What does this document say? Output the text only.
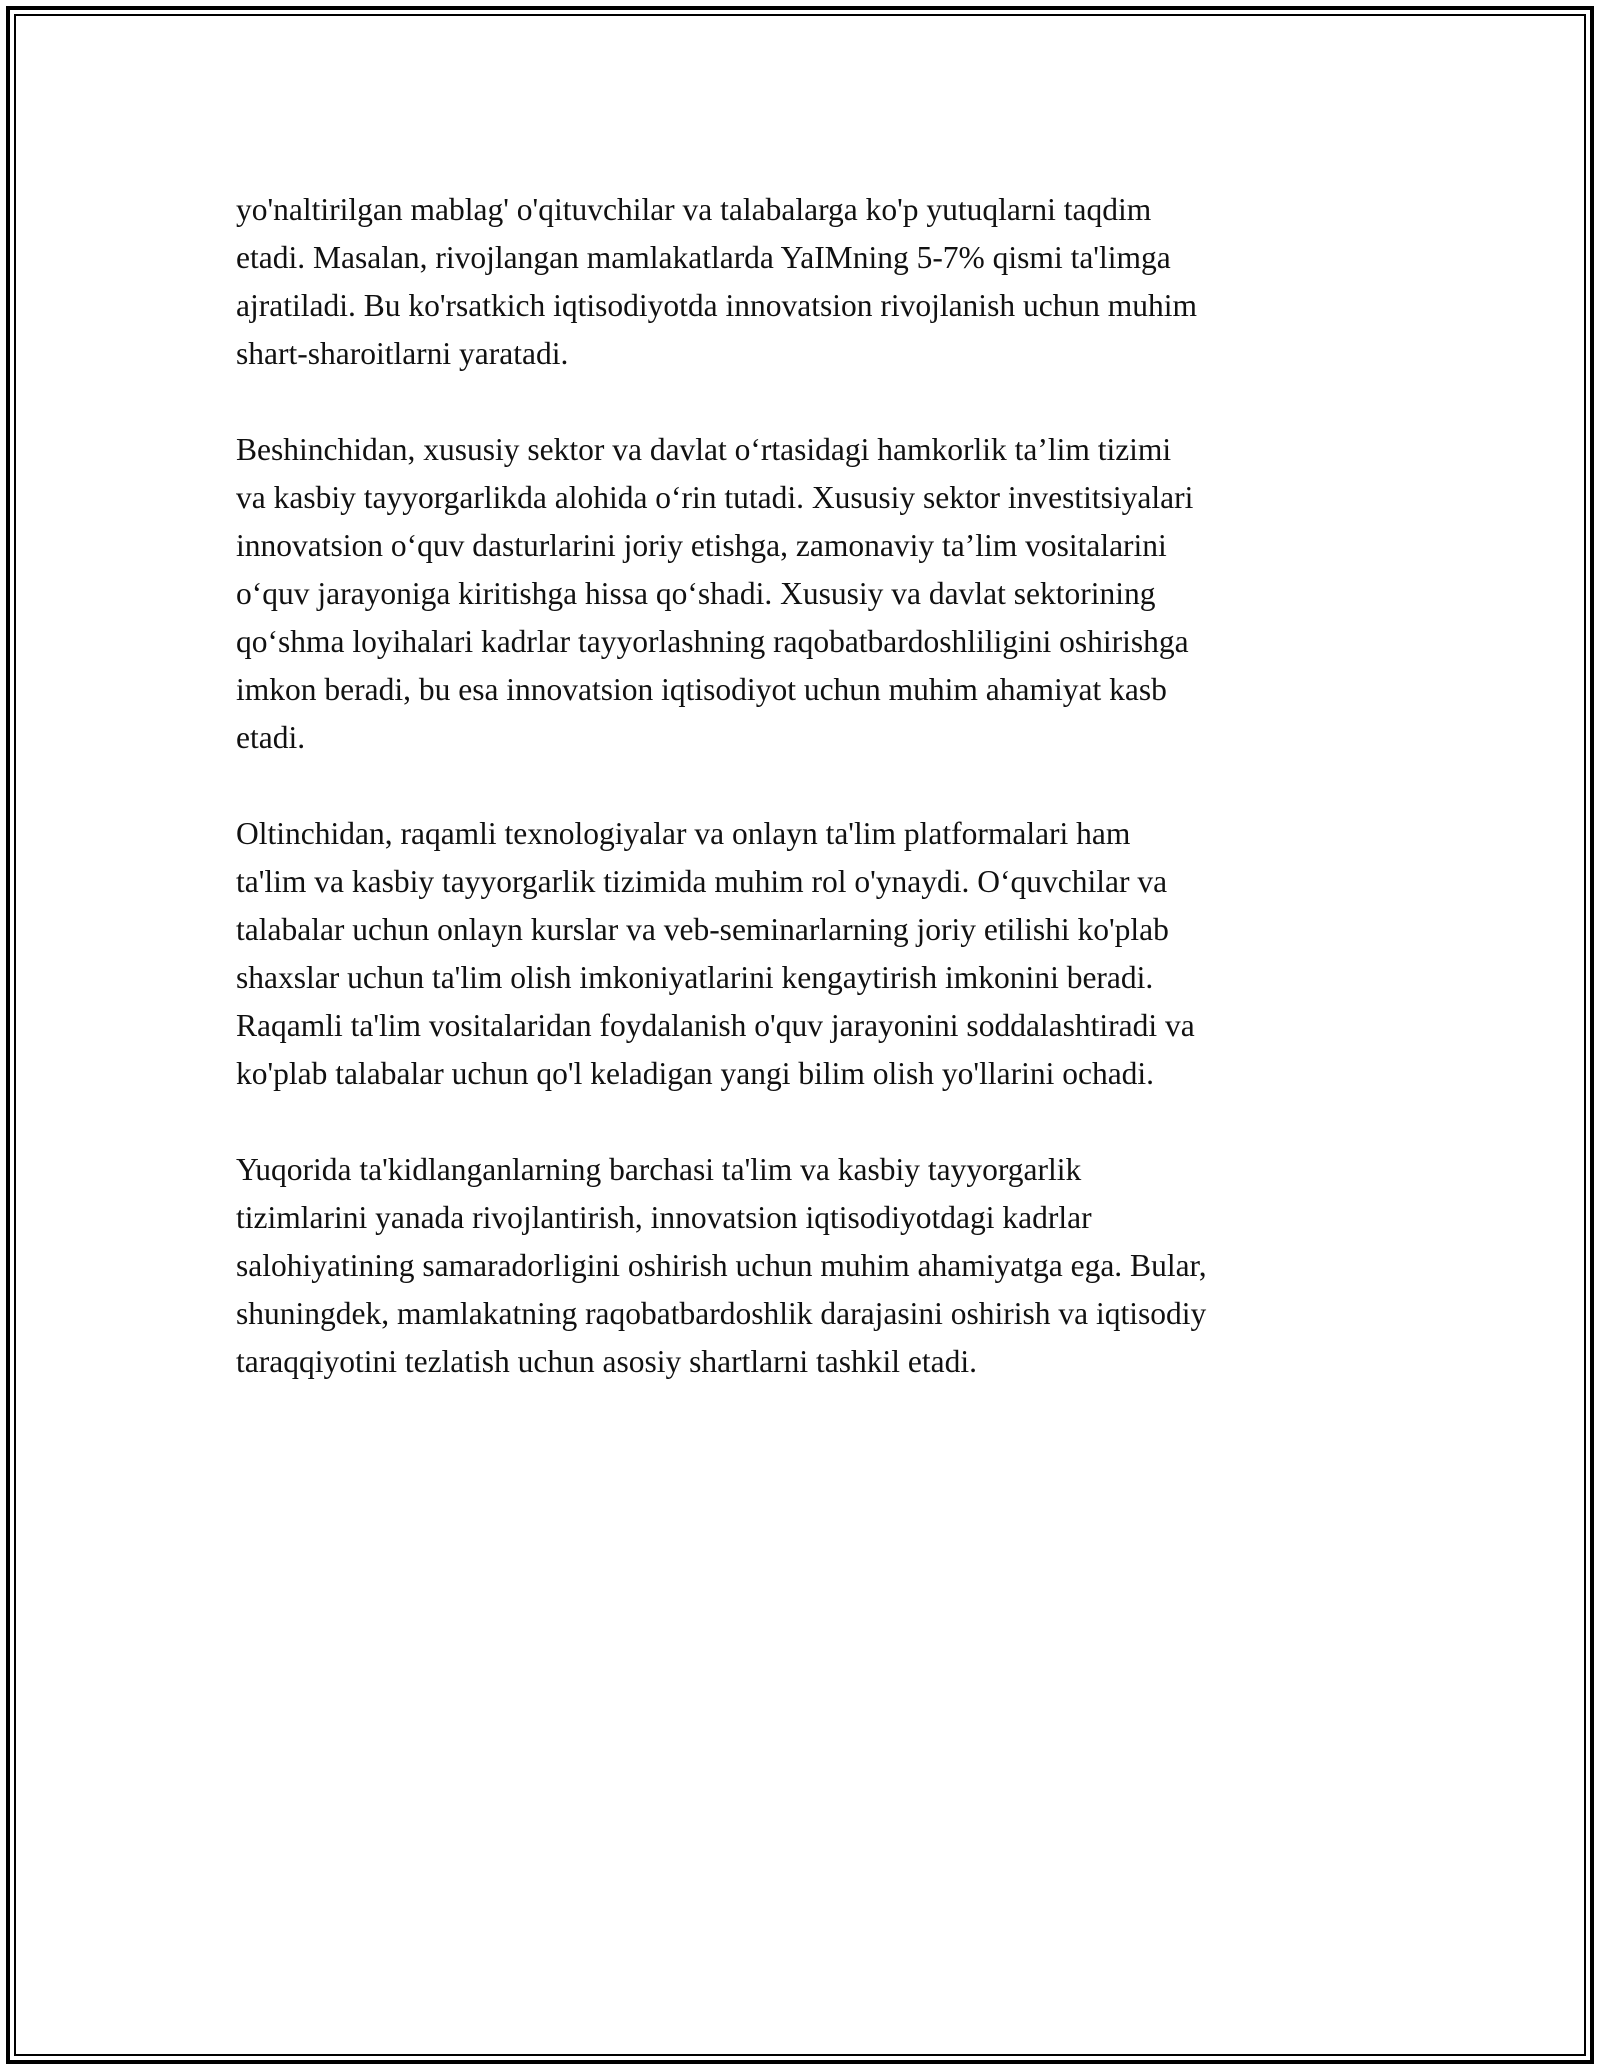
yo'naltirilgan mablag' o'qituvchilar va talabalarga ko'p yutuqlarni taqdim
etadi. Masalan, rivojlangan mamlakatlarda YaIMning 5-7% qismi ta'limga
ajratiladi. Bu ko'rsatkich iqtisodiyotda innovatsion rivojlanish uchun muhim
shart-sharoitlarni yaratadi.

Beshinchidan, xususiy sektor va davlat oʻrtasidagi hamkorlik taʼlim tizimi
va kasbiy tayyorgarlikda alohida oʻrin tutadi. Xususiy sektor investitsiyalari
innovatsion oʻquv dasturlarini joriy etishga, zamonaviy taʼlim vositalarini
oʻquv jarayoniga kiritishga hissa qoʻshadi. Xususiy va davlat sektorining
qoʻshma loyihalari kadrlar tayyorlashning raqobatbardoshliligini oshirishga
imkon beradi, bu esa innovatsion iqtisodiyot uchun muhim ahamiyat kasb
etadi.

Oltinchidan, raqamli texnologiyalar va onlayn ta'lim platformalari ham
ta'lim va kasbiy tayyorgarlik tizimida muhim rol o'ynaydi. Oʻquvchilar va
talabalar uchun onlayn kurslar va veb-seminarlarning joriy etilishi ko'plab
shaxslar uchun ta'lim olish imkoniyatlarini kengaytirish imkonini beradi.
Raqamli ta'lim vositalaridan foydalanish o'quv jarayonini soddalashtiradi va
ko'plab talabalar uchun qo'l keladigan yangi bilim olish yo'llarini ochadi.

Yuqorida ta'kidlanganlarning barchasi ta'lim va kasbiy tayyorgarlik
tizimlarini yanada rivojlantirish, innovatsion iqtisodiyotdagi kadrlar
salohiyatining samaradorligini oshirish uchun muhim ahamiyatga ega. Bular,
shuningdek, mamlakatning raqobatbardoshlik darajasini oshirish va iqtisodiy
taraqqiyotini tezlatish uchun asosiy shartlarni tashkil etadi.
